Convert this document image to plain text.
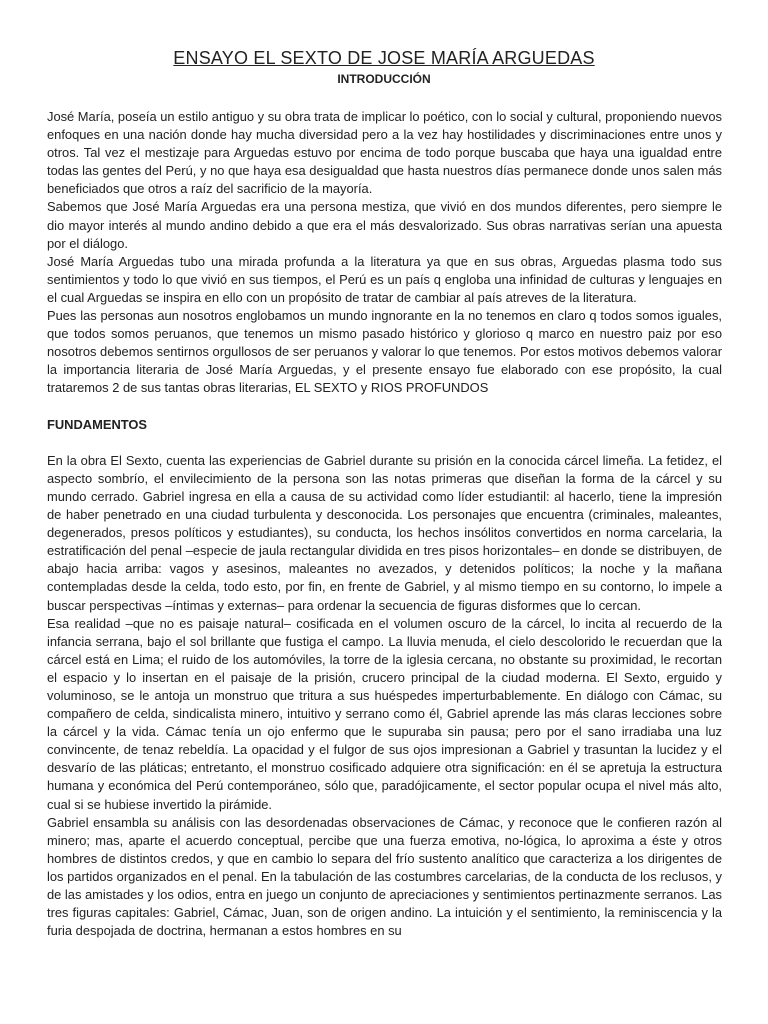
ENSAYO EL SEXTO DE JOSE MARÍA ARGUEDAS
INTRODUCCIÓN

José María, poseía un estilo antiguo y su obra trata de implicar lo poético, con lo social y cultural, proponiendo nuevos enfoques en una nación donde hay mucha diversidad pero a la vez hay hostilidades y discriminaciones entre unos y otros. Tal vez el mestizaje para Arguedas estuvo por encima de todo porque buscaba que haya una igualdad entre todas las gentes del Perú, y no que haya esa desigualdad que hasta nuestros días permanece donde unos salen más beneficiados que otros a raíz del sacrificio de la mayoría.

Sabemos que José María Arguedas era una persona mestiza, que vivió en dos mundos diferentes, pero siempre le dio mayor interés al mundo andino debido a que era el más desvalorizado. Sus obras narrativas serían una apuesta por el diálogo.

José María Arguedas tubo una mirada profunda a la literatura ya que en sus obras, Arguedas plasma todo sus sentimientos y todo lo que vivió en sus tiempos, el Perú es un país q engloba una infinidad de culturas y lenguajes en el cual Arguedas se inspira en ello con un propósito de tratar de cambiar al país atreves de la literatura.

Pues las personas aun nosotros englobamos un mundo ingnorante en la no tenemos en claro q todos somos iguales, que todos somos peruanos, que tenemos un mismo pasado histórico y glorioso q marco en nuestro paiz por eso nosotros debemos sentirnos orgullosos de ser peruanos y valorar lo que tenemos. Por estos motivos debemos valorar la importancia literaria de José María Arguedas, y el presente ensayo fue elaborado con ese propósito, la cual trataremos 2 de sus tantas obras literarias, EL SEXTO y RIOS PROFUNDOS

FUNDAMENTOS

En la obra El Sexto, cuenta las experiencias de Gabriel durante su prisión en la conocida cárcel limeña. La fetidez, el aspecto sombrío, el envilecimiento de la persona son las notas primeras que diseñan la forma de la cárcel y su mundo cerrado. Gabriel ingresa en ella a causa de su actividad como líder estudiantil: al hacerlo, tiene la impresión de haber penetrado en una ciudad turbulenta y desconocida. Los personajes que encuentra (criminales, maleantes, degenerados, presos políticos y estudiantes), su conducta, los hechos insólitos convertidos en norma carcelaria, la estratificación del penal –especie de jaula rectangular dividida en tres pisos horizontales– en donde se distribuyen, de abajo hacia arriba: vagos y asesinos, maleantes no avezados, y detenidos políticos; la noche y la mañana contempladas desde la celda, todo esto, por fin, en frente de Gabriel, y al mismo tiempo en su contorno, lo impele a buscar perspectivas –íntimas y externas– para ordenar la secuencia de figuras disformes que lo cercan.

Esa realidad –que no es paisaje natural– cosificada en el volumen oscuro de la cárcel, lo incita al recuerdo de la infancia serrana, bajo el sol brillante que fustiga el campo. La lluvia menuda, el cielo descolorido le recuerdan que la cárcel está en Lima; el ruido de los automóviles, la torre de la iglesia cercana, no obstante su proximidad, le recortan el espacio y lo insertan en el paisaje de la prisión, crucero principal de la ciudad moderna. El Sexto, erguido y voluminoso, se le antoja un monstruo que tritura a sus huéspedes imperturbablemente. En diálogo con Cámac, su compañero de celda, sindicalista minero, intuitivo y serrano como él, Gabriel aprende las más claras lecciones sobre la cárcel y la vida. Cámac tenía un ojo enfermo que le supuraba sin pausa; pero por el sano irradiaba una luz convincente, de tenaz rebeldía. La opacidad y el fulgor de sus ojos impresionan a Gabriel y trasuntan la lucidez y el desvarío de las pláticas; entretanto, el monstruo cosificado adquiere otra significación: en él se apretuja la estructura humana y económica del Perú contemporáneo, sólo que, paradójicamente, el sector popular ocupa el nivel más alto, cual si se hubiese invertido la pirámide.

Gabriel ensambla su análisis con las desordenadas observaciones de Cámac, y reconoce que le confieren razón al minero; mas, aparte el acuerdo conceptual, percibe que una fuerza emotiva, no-lógica, lo aproxima a éste y otros hombres de distintos credos, y que en cambio lo separa del frío sustento analítico que caracteriza a los dirigentes de los partidos organizados en el penal. En la tabulación de las costumbres carcelarias, de la conducta de los reclusos, y de las amistades y los odios, entra en juego un conjunto de apreciaciones y sentimientos pertinazmente serranos. Las tres figuras capitales: Gabriel, Cámac, Juan, son de origen andino. La intuición y el sentimiento, la reminiscencia y la furia despojada de doctrina, hermanan a estos hombres en su
